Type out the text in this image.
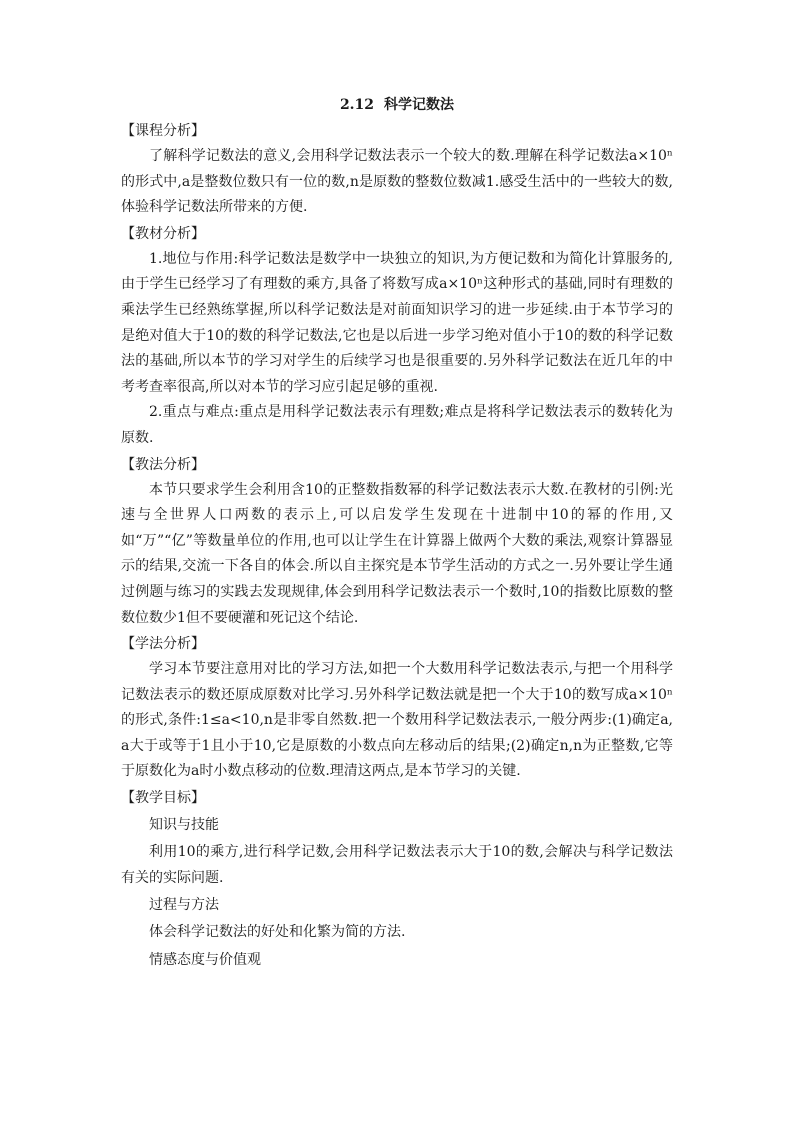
2.12 科学记数法
【课程分析】

了解科学记数法的意义,会用科学记数法表示一个较大的数.理解在科学记数法a×10ⁿ的形式中,a是整数位数只有一位的数,n是原数的整数位数减1.感受生活中的一些较大的数,体验科学记数法所带来的方便.

【教材分析】

1.地位与作用:科学记数法是数学中一块独立的知识,为方便记数和为简化计算服务的,由于学生已经学习了有理数的乘方,具备了将数写成a×10ⁿ这种形式的基础,同时有理数的乘法学生已经熟练掌握,所以科学记数法是对前面知识学习的进一步延续.由于本节学习的是绝对值大于10的数的科学记数法,它也是以后进一步学习绝对值小于10的数的科学记数法的基础,所以本节的学习对学生的后续学习也是很重要的.另外科学记数法在近几年的中考考查率很高,所以对本节的学习应引起足够的重视.

2.重点与难点:重点是用科学记数法表示有理数;难点是将科学记数法表示的数转化为原数.

【教法分析】

本节只要求学生会利用含10的正整数指数幂的科学记数法表示大数.在教材的引例:光速与全世界人口两数的表示上,可以启发学生发现在十进制中10的幂的作用,又如“万”“亿”等数量单位的作用,也可以让学生在计算器上做两个大数的乘法,观察计算器显示的结果,交流一下各自的体会.所以自主探究是本节学生活动的方式之一.另外要让学生通过例题与练习的实践去发现规律,体会到用科学记数法表示一个数时,10的指数比原数的整数位数少1但不要硬灌和死记这个结论.

【学法分析】

学习本节要注意用对比的学习方法,如把一个大数用科学记数法表示,与把一个用科学记数法表示的数还原成原数对比学习.另外科学记数法就是把一个大于10的数写成a×10ⁿ的形式,条件:1≤a<10,n是非零自然数.把一个数用科学记数法表示,一般分两步:(1)确定a,a大于或等于1且小于10,它是原数的小数点向左移动后的结果;(2)确定n,n为正整数,它等于原数化为a时小数点移动的位数.理清这两点,是本节学习的关键.

【教学目标】
知识与技能

利用10的乘方,进行科学记数,会用科学记数法表示大于10的数,会解决与科学记数法有关的实际问题.

过程与方法

体会科学记数法的好处和化繁为简的方法.

情感态度与价值观
